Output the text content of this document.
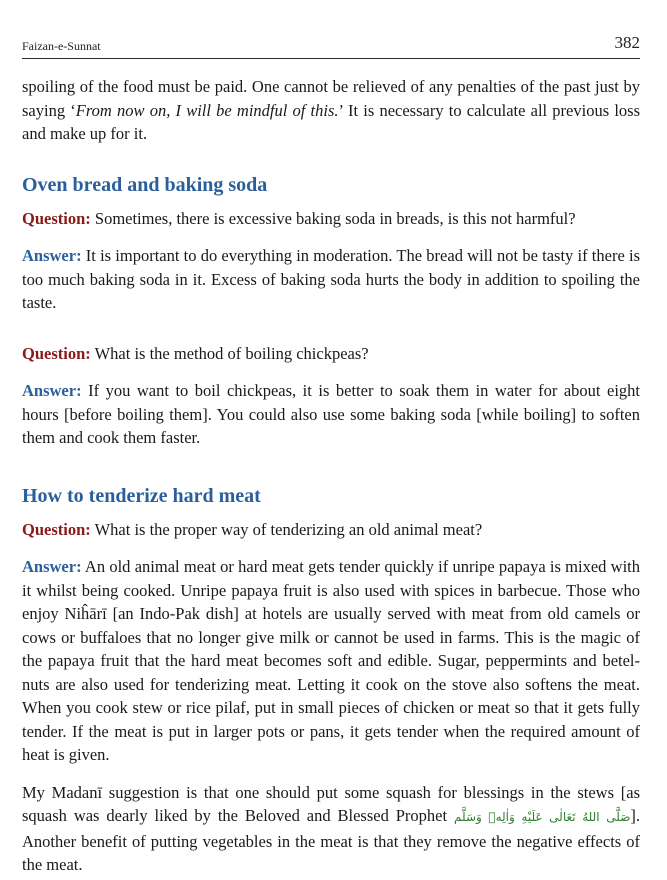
Faizan-e-Sunnat	382

spoiling of the food must be paid. One cannot be relieved of any penalties of the past just by saying ‘From now on, I will be mindful of this.’ It is necessary to calculate all previous loss and make up for it.

Oven bread and baking soda

Question: Sometimes, there is excessive baking soda in breads, is this not harmful?

Answer: It is important to do everything in moderation. The bread will not be tasty if there is too much baking soda in it. Excess of baking soda hurts the body in addition to spoiling the taste.

Question: What is the method of boiling chickpeas?

Answer: If you want to boil chickpeas, it is better to soak them in water for about eight hours [before boiling them]. You could also use some baking soda [while boiling] to soften them and cook them faster.

How to tenderize hard meat

Question: What is the proper way of tenderizing an old animal meat?

Answer: An old animal meat or hard meat gets tender quickly if unripe papaya is mixed with it whilst being cooked. Unripe papaya fruit is also used with spices in barbecue. Those who enjoy Niĥārī [an Indo-Pak dish] at hotels are usually served with meat from old camels or cows or buffaloes that no longer give milk or cannot be used in farms. This is the magic of the papaya fruit that the hard meat becomes soft and edible. Sugar, peppermints and betel-nuts are also used for tenderizing meat. Letting it cook on the stove also softens the meat. When you cook stew or rice pilaf, put in small pieces of chicken or meat so that it gets fully tender. If the meat is put in larger pots or pans, it gets tender when the required amount of heat is given.

My Madanī suggestion is that one should put some squash for blessings in the stews [as squash was dearly liked by the Beloved and Blessed Prophet صَلَّى اللهُ تَعَالٰى عَلَيْهِ وَاٰلِهٖ وَسَلَّم]. Another benefit of putting vegetables in the meat is that they remove the negative effects of the meat.
